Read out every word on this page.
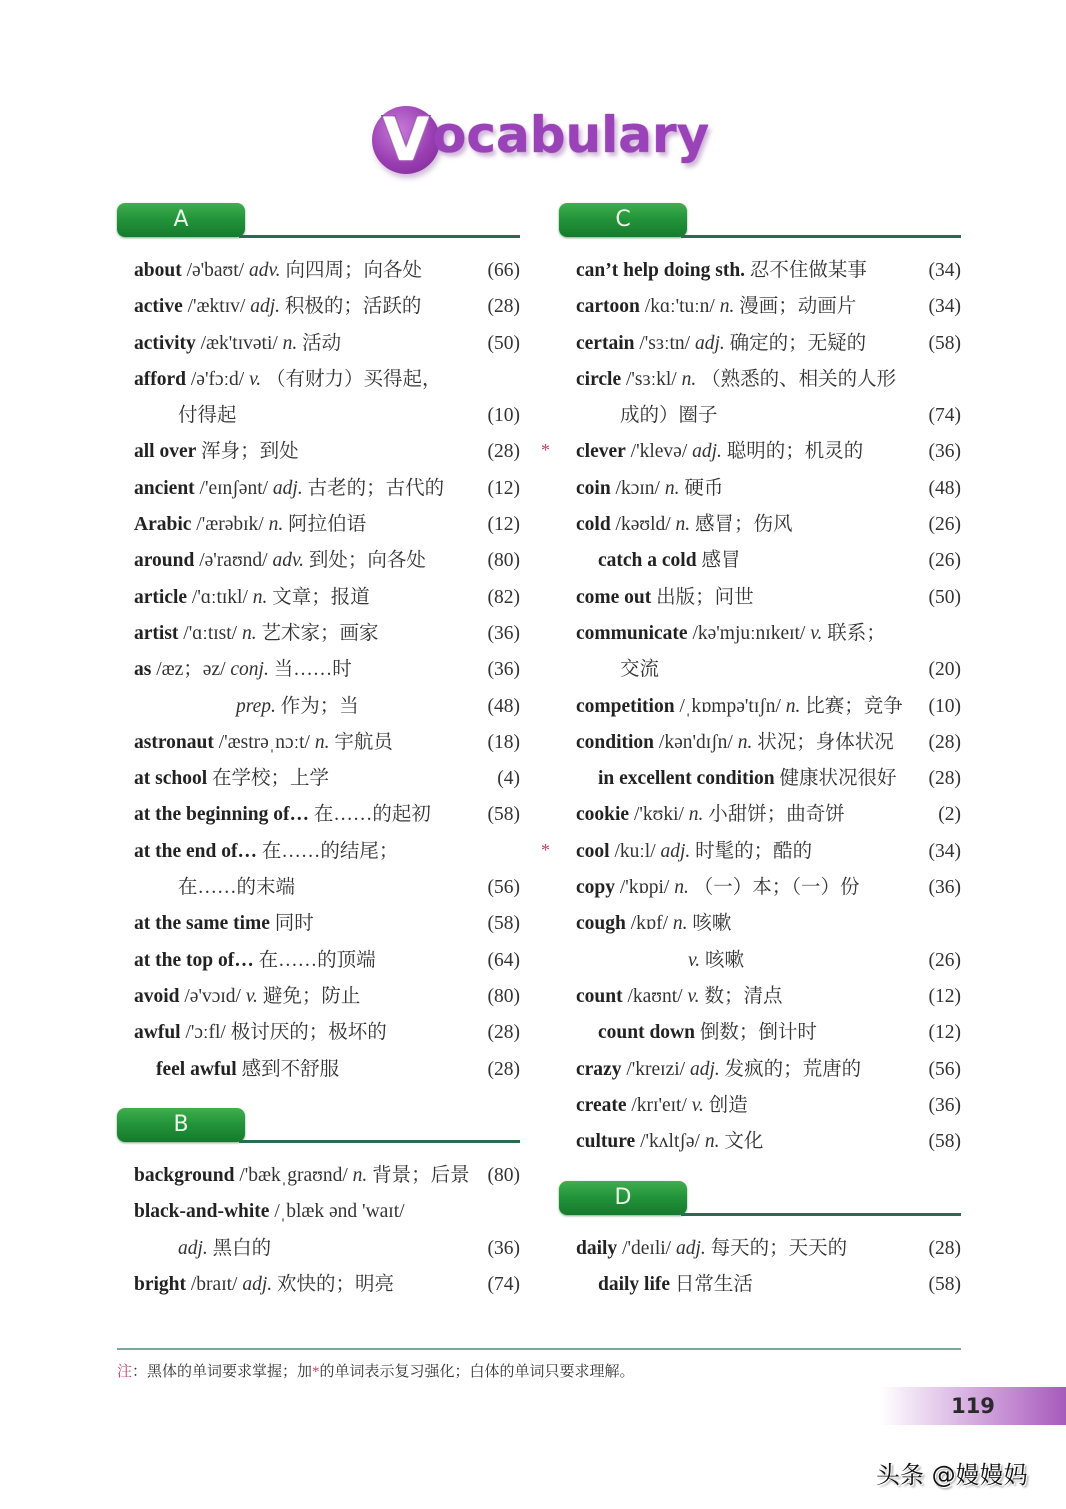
V ocabulary
A
about /ə'baʊt/ adv. 向四周；向各处	(66)
active /'æktɪv/ adj. 积极的；活跃的	(28)
activity /æk'tɪvəti/ n. 活动	(50)
afford /ə'fɔːd/ v. （有财力）买得起，
付得起	(10)
all over 浑身；到处	(28)
ancient /'eɪnʃənt/ adj. 古老的；古代的 (12)
Arabic /'ærəbɪk/ n. 阿拉伯语	(12)
around /ə'raʊnd/ adv. 到处；向各处	(80)
article /'ɑːtɪkl/ n. 文章；报道	(82)
artist /'ɑːtɪst/ n. 艺术家；画家	(36)
as /æz；əz/ conj. 当……时	(36)
prep. 作为；当	(48)
astronaut /'æstrəˌnɔːt/ n. 宇航员	(18)
at school 在学校；上学	(4)
at the beginning of… 在……的起初	(58)
at the end of… 在……的结尾；
在……的末端	(56)
at the same time 同时	(58)
at the top of… 在……的顶端	(64)
avoid /ə'vɔɪd/ v. 避免；防止	(80)
awful /'ɔːfl/ 极讨厌的；极坏的	(28)
feel awful 感到不舒服	(28)
B
background /'bækˌgraʊnd/ n. 背景；后景 (80)
black-and-white /ˌblæk ənd 'waɪt/
adj. 黑白的	(36)
bright /braɪt/ adj. 欢快的；明亮	(74)
C
can’t help doing sth. 忍不住做某事	(34)
cartoon /kɑː'tuːn/ n. 漫画；动画片	(34)
certain /'sɜːtn/ adj. 确定的；无疑的	(58)
circle /'sɜːkl/ n. （熟悉的、相关的人形
成的）圈子	(74)
* clever /'klevə/ adj. 聪明的；机灵的	(36)
coin /kɔɪn/ n. 硬币	(48)
cold /kəʊld/ n. 感冒；伤风	(26)
catch a cold 感冒	(26)
come out 出版；问世	(50)
communicate /kə'mjuːnɪkeɪt/ v. 联系；
交流	(20)
competition /ˌkɒmpə'tɪʃn/ n. 比赛；竞争 (10)
condition /kən'dɪʃn/ n. 状况；身体状况 (28)
in excellent condition 健康状况很好 (28)
cookie /'kʊki/ n. 小甜饼；曲奇饼	(2)
* cool /kuːl/ adj. 时髦的；酷的	(34)
copy /'kɒpi/ n. （一）本；（一）份	(36)
cough /kɒf/ n. 咳嗽
v. 咳嗽	(26)
count /kaʊnt/ v. 数；清点	(12)
count down 倒数；倒计时	(12)
crazy /'kreɪzi/ adj. 发疯的；荒唐的	(56)
create /krɪ'eɪt/ v. 创造	(36)
culture /'kʌltʃə/ n. 文化	(58)
D
daily /'deɪli/ adj. 每天的；天天的	(28)
daily life 日常生活	(58)
注：黑体的单词要求掌握；加*的单词表示复习强化；白体的单词只要求理解。
119
头条 @嫚嫚妈
